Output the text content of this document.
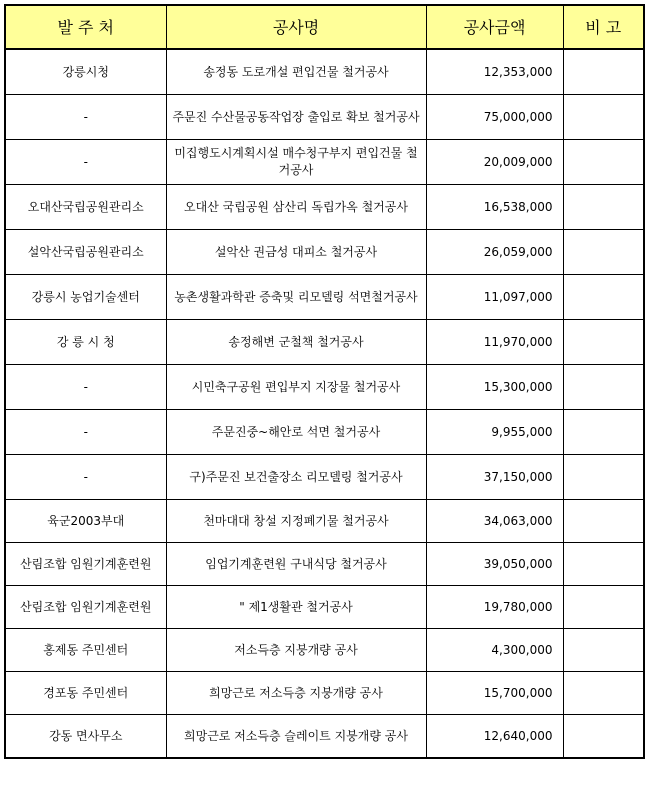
발 주 처	공사명	공사금액	비 고
강릉시청	송정동 도로개설 편입건물 철거공사	12,353,000	
-	주문진 수산물공동작업장 출입로 확보 철거공사	75,000,000	
-	미집행도시계획시설 매수청구부지 편입건물 철거공사	20,009,000	
오대산국립공원관리소	오대산 국립공원 삼산리 독립가옥 철거공사	16,538,000	
설악산국립공원관리소	설악산 권금성 대피소 철거공사	26,059,000	
강릉시 농업기술센터	농촌생활과학관 증축및 리모델링 석면철거공사	11,097,000	
강 릉 시 청	송정해변 군철책 철거공사	11,970,000	
-	시민축구공원 편입부지 지장물 철거공사	15,300,000	
-	주문진중~해안로 석면 철거공사	9,955,000	
-	구)주문진 보건출장소 리모델링 철거공사	37,150,000	
육군2003부대	천마대대 창설 지정폐기물 철거공사	34,063,000	
산림조합 임원기계훈련원	임업기계훈련원 구내식당 철거공사	39,050,000	
산림조합 임원기계훈련원	" 제1생활관 철거공사	19,780,000	
홍제동 주민센터	저소득층 지붕개량 공사	4,300,000	
경포동 주민센터	희망근로 저소득층 지붕개량 공사	15,700,000	
강동 면사무소	희망근로 저소득층 슬레이트 지붕개량 공사	12,640,000	
